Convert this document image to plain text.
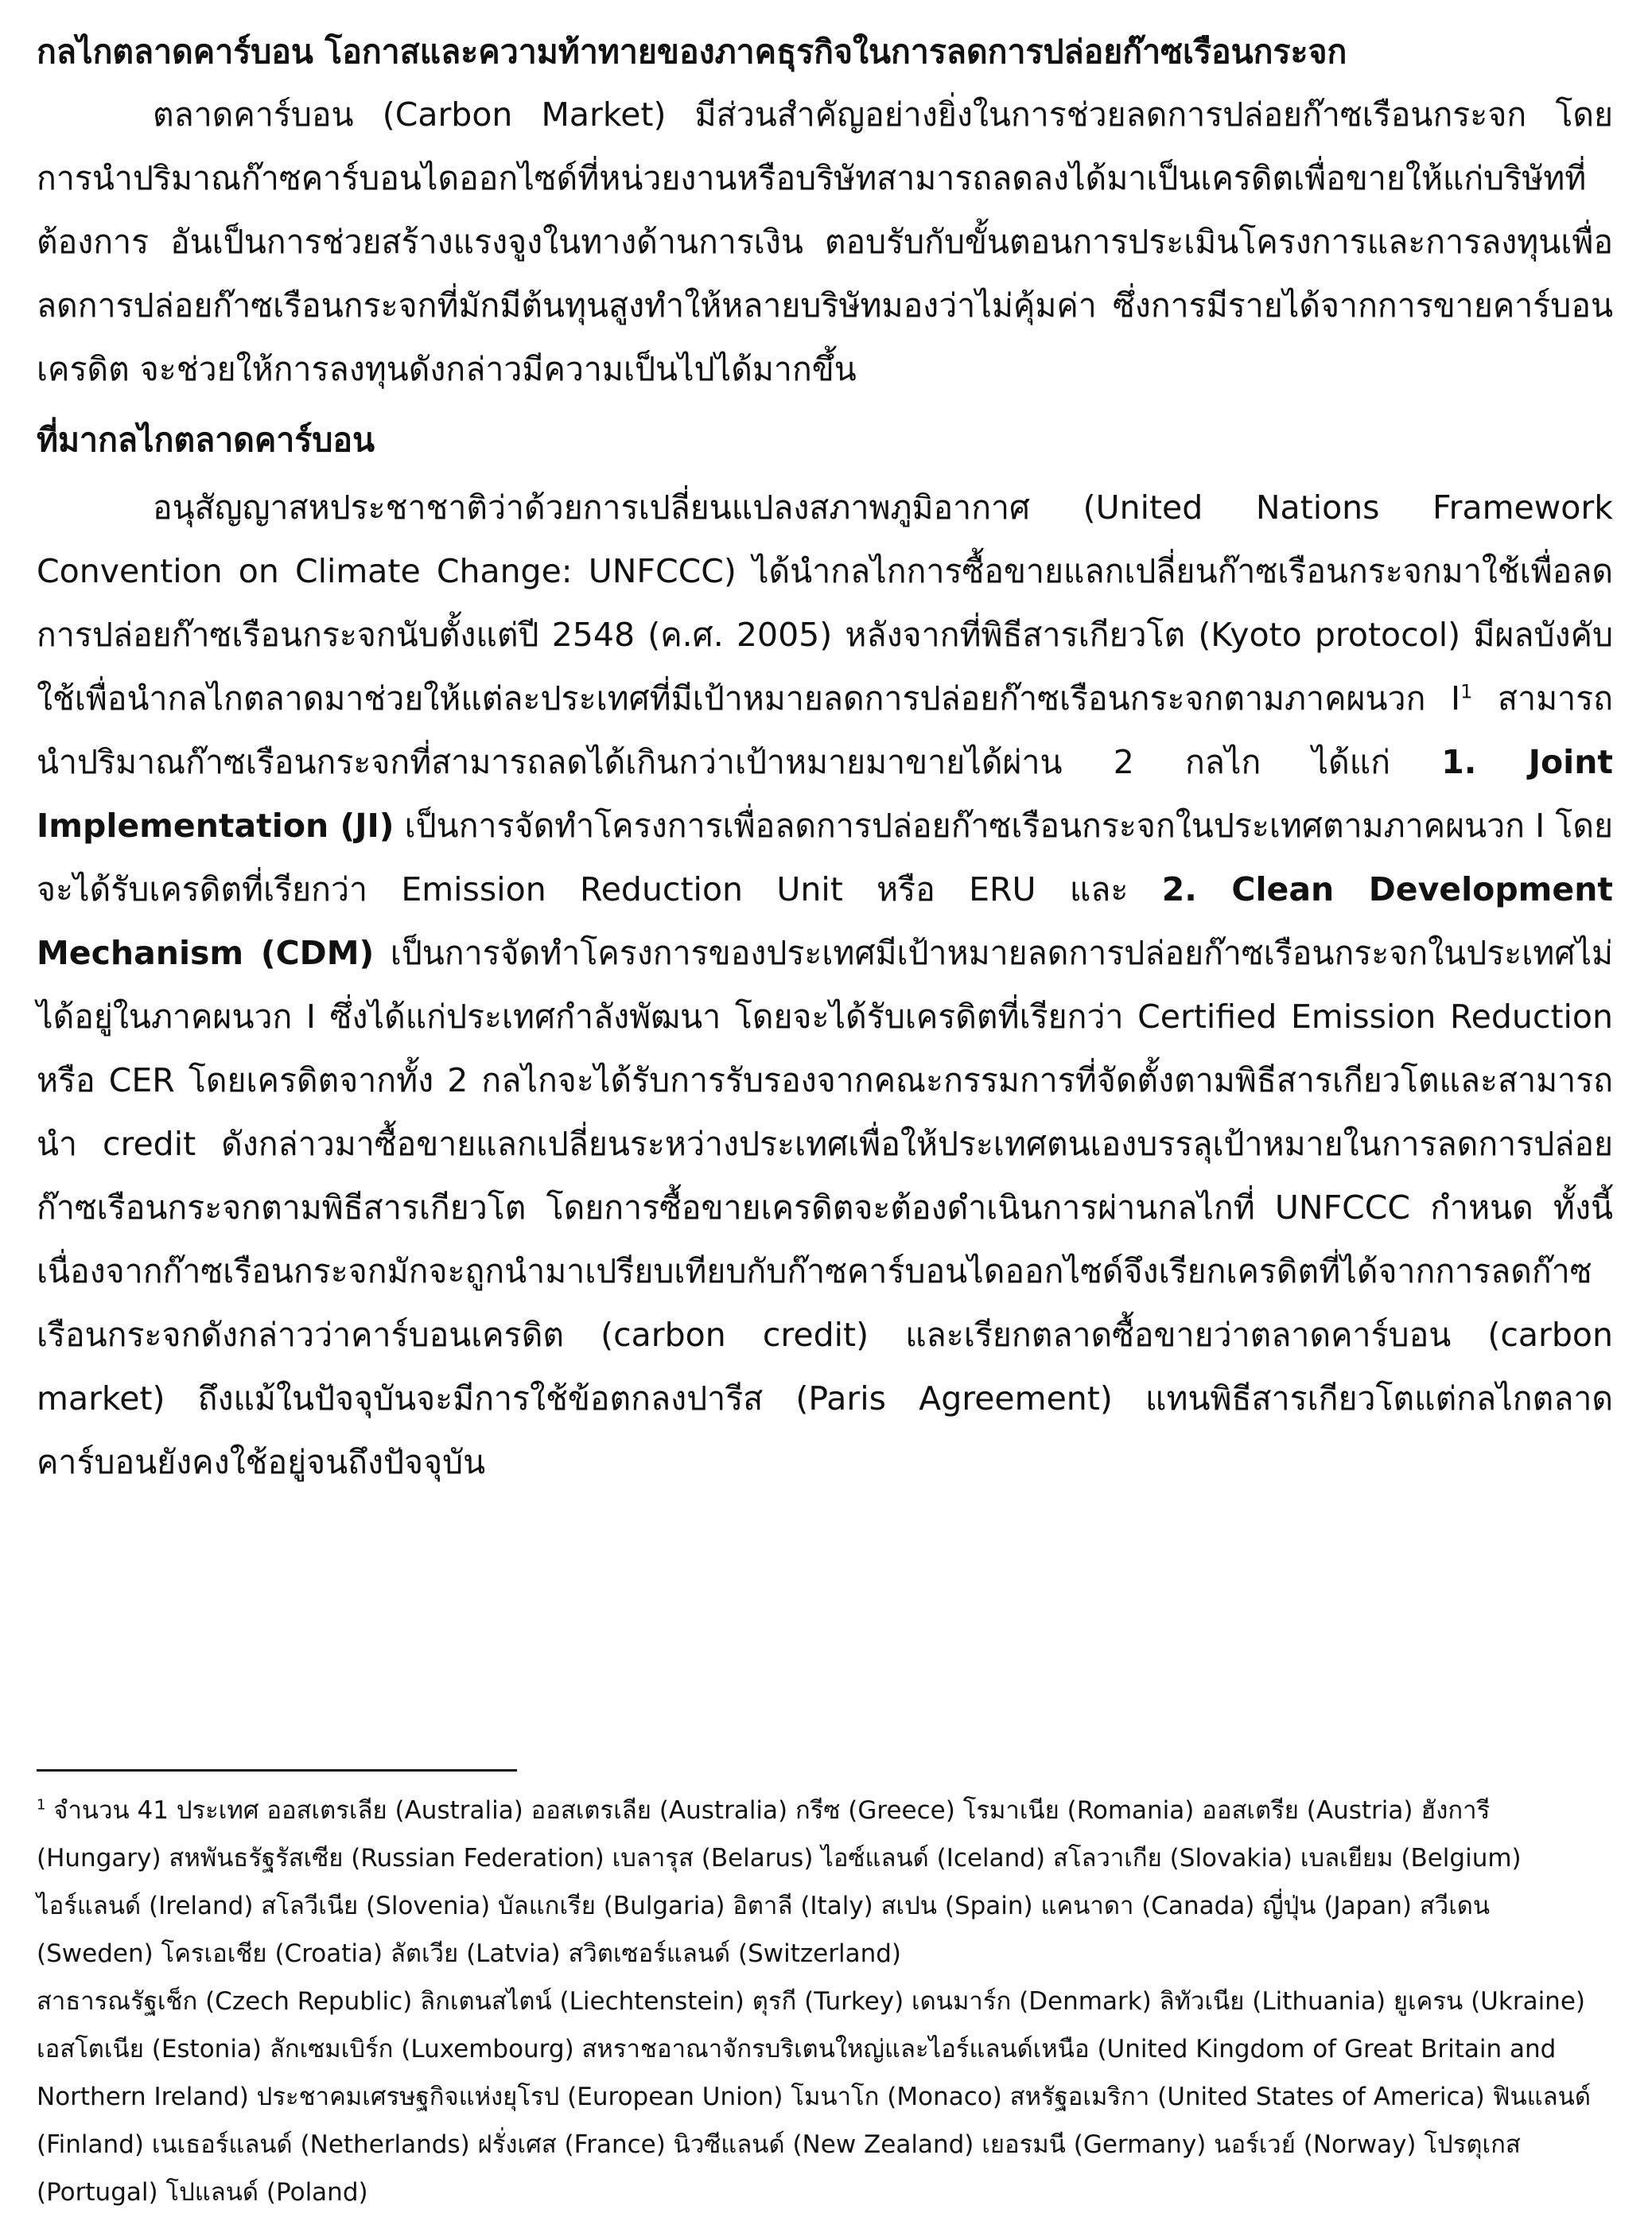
กลไกตลาดคาร์บอน โอกาสและความท้าทายของภาคธุรกิจในการลดการปล่อยก๊าซเรือนกระจก

ตลาดคาร์บอน (Carbon Market) มีส่วนสำคัญอย่างยิ่งในการช่วยลดการปล่อยก๊าซเรือนกระจก โดยการนำปริมาณก๊าซคาร์บอนไดออกไซด์ที่หน่วยงานหรือบริษัทสามารถลดลงได้มาเป็นเครดิตเพื่อขายให้แก่บริษัทที่ต้องการ อันเป็นการช่วยสร้างแรงจูงในทางด้านการเงิน ตอบรับกับขั้นตอนการประเมินโครงการและการลงทุนเพื่อลดการปล่อยก๊าซเรือนกระจกที่มักมีต้นทุนสูงทำให้หลายบริษัทมองว่าไม่คุ้มค่า ซึ่งการมีรายได้จากการขายคาร์บอนเครดิต จะช่วยให้การลงทุนดังกล่าวมีความเป็นไปได้มากขึ้น

ที่มากลไกตลาดคาร์บอน

อนุสัญญาสหประชาชาติว่าด้วยการเปลี่ยนแปลงสภาพภูมิอากาศ (United Nations Framework Convention on Climate Change: UNFCCC) ได้นำกลไกการซื้อขายแลกเปลี่ยนก๊าซเรือนกระจกมาใช้เพื่อลดการปล่อยก๊าซเรือนกระจกนับตั้งแต่ปี 2548 (ค.ศ. 2005) หลังจากที่พิธีสารเกียวโต (Kyoto protocol) มีผลบังคับใช้เพื่อนำกลไกตลาดมาช่วยให้แต่ละประเทศที่มีเป้าหมายลดการปล่อยก๊าซเรือนกระจกตามภาคผนวก $I^1$ สามารถนำปริมาณก๊าซเรือนกระจกที่สามารถลดได้เกินกว่าเป้าหมายมาขายได้ผ่าน 2 กลไก ได้แก่ 1. Joint Implementation (JI) เป็นการจัดทำโครงการเพื่อลดการปล่อยก๊าซเรือนกระจกในประเทศตามภาคผนวก I โดยจะได้รับเครดิตที่เรียกว่า Emission Reduction Unit หรือ ERU และ 2. Clean Development Mechanism (CDM) เป็นการจัดทำโครงการของประเทศมีเป้าหมายลดการปล่อยก๊าซเรือนกระจกในประเทศไม่ได้อยู่ในภาคผนวก I ซึ่งได้แก่ประเทศกำลังพัฒนา โดยจะได้รับเครดิตที่เรียกว่า Certified Emission Reduction หรือ CER โดยเครดิตจากทั้ง 2 กลไกจะได้รับการรับรองจากคณะกรรมการที่จัดตั้งตามพิธีสารเกียวโตและสามารถนำ credit ดังกล่าวมาซื้อขายแลกเปลี่ยนระหว่างประเทศเพื่อให้ประเทศตนเองบรรลุเป้าหมายในการลดการปล่อยก๊าซเรือนกระจกตามพิธีสารเกียวโต โดยการซื้อขายเครดิตจะต้องดำเนินการผ่านกลไกที่ UNFCCC กำหนด ทั้งนี้เนื่องจากก๊าซเรือนกระจกมักจะถูกนำมาเปรียบเทียบกับก๊าซคาร์บอนไดออกไซด์จึงเรียกเครดิตที่ได้จากการลดก๊าซเรือนกระจกดังกล่าวว่าคาร์บอนเครดิต (carbon credit) และเรียกตลาดซื้อขายว่าตลาดคาร์บอน (carbon market) ถึงแม้ในปัจจุบันจะมีการใช้ข้อตกลงปารีส (Paris Agreement) แทนพิธีสารเกียวโตแต่กลไกตลาดคาร์บอนยังคงใช้อยู่จนถึงปัจจุบัน

$^1$ จำนวน 41 ประเทศ ออสเตรเลีย (Australia) ออสเตรเลีย (Australia) กรีซ (Greece) โรมาเนีย (Romania) ออสเตรีย (Austria) ฮังการี (Hungary) สหพันธรัฐรัสเซีย (Russian Federation) เบลารุส (Belarus) ไอซ์แลนด์ (Iceland) สโลวาเกีย (Slovakia) เบลเยียม (Belgium) ไอร์แลนด์ (Ireland) สโลวีเนีย (Slovenia) บัลแกเรีย (Bulgaria) อิตาลี (Italy) สเปน (Spain) แคนาดา (Canada) ญี่ปุ่น (Japan) สวีเดน (Sweden) โครเอเชีย (Croatia) ลัตเวีย (Latvia) สวิตเซอร์แลนด์ (Switzerland)

สาธารณรัฐเช็ก (Czech Republic) ลิกเตนสไตน์ (Liechtenstein) ตุรกี (Turkey) เดนมาร์ก (Denmark) ลิทัวเนีย (Lithuania) ยูเครน (Ukraine) เอสโตเนีย (Estonia) ลักเซมเบิร์ก (Luxembourg) สหราชอาณาจักรบริเตนใหญ่และไอร์แลนด์เหนือ (United Kingdom of Great Britain and Northern Ireland) ประชาคมเศรษฐกิจแห่งยุโรป (European Union) โมนาโก (Monaco) สหรัฐอเมริกา (United States of America) ฟินแลนด์ (Finland) เนเธอร์แลนด์ (Netherlands) ฝรั่งเศส (France) นิวซีแลนด์ (New Zealand) เยอรมนี (Germany) นอร์เวย์ (Norway) โปรตุเกส (Portugal) โปแลนด์ (Poland)
